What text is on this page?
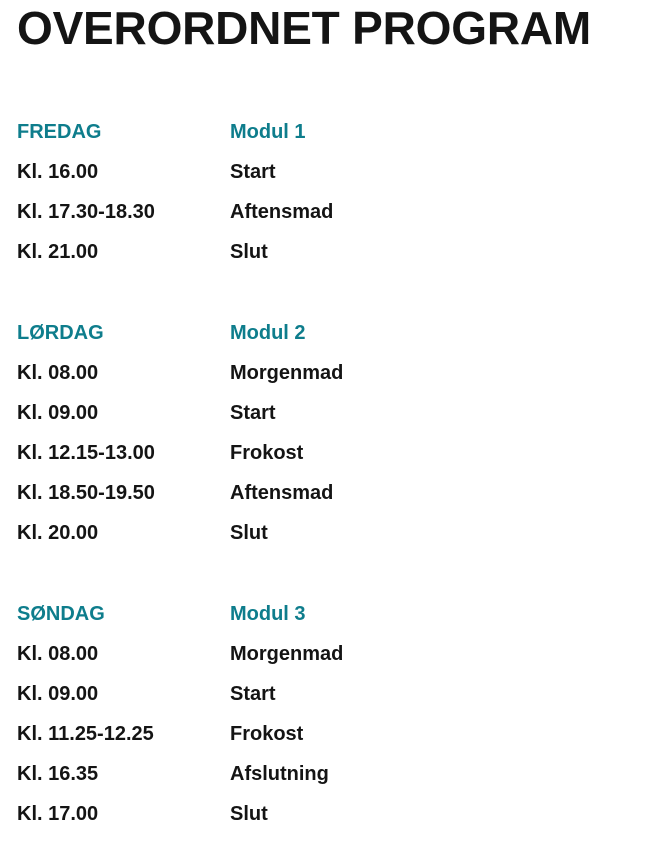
OVERORDNET PROGRAM
FREDAG	Modul 1
Kl. 16.00	Start
Kl. 17.30-18.30	Aftensmad
Kl. 21.00	Slut
LØRDAG	Modul 2
Kl. 08.00	Morgenmad
Kl. 09.00	Start
Kl. 12.15-13.00	Frokost
Kl. 18.50-19.50	Aftensmad
Kl. 20.00	Slut
SØNDAG	Modul 3
Kl. 08.00	Morgenmad
Kl. 09.00	Start
Kl. 11.25-12.25	Frokost
Kl. 16.35	Afslutning
Kl. 17.00	Slut
